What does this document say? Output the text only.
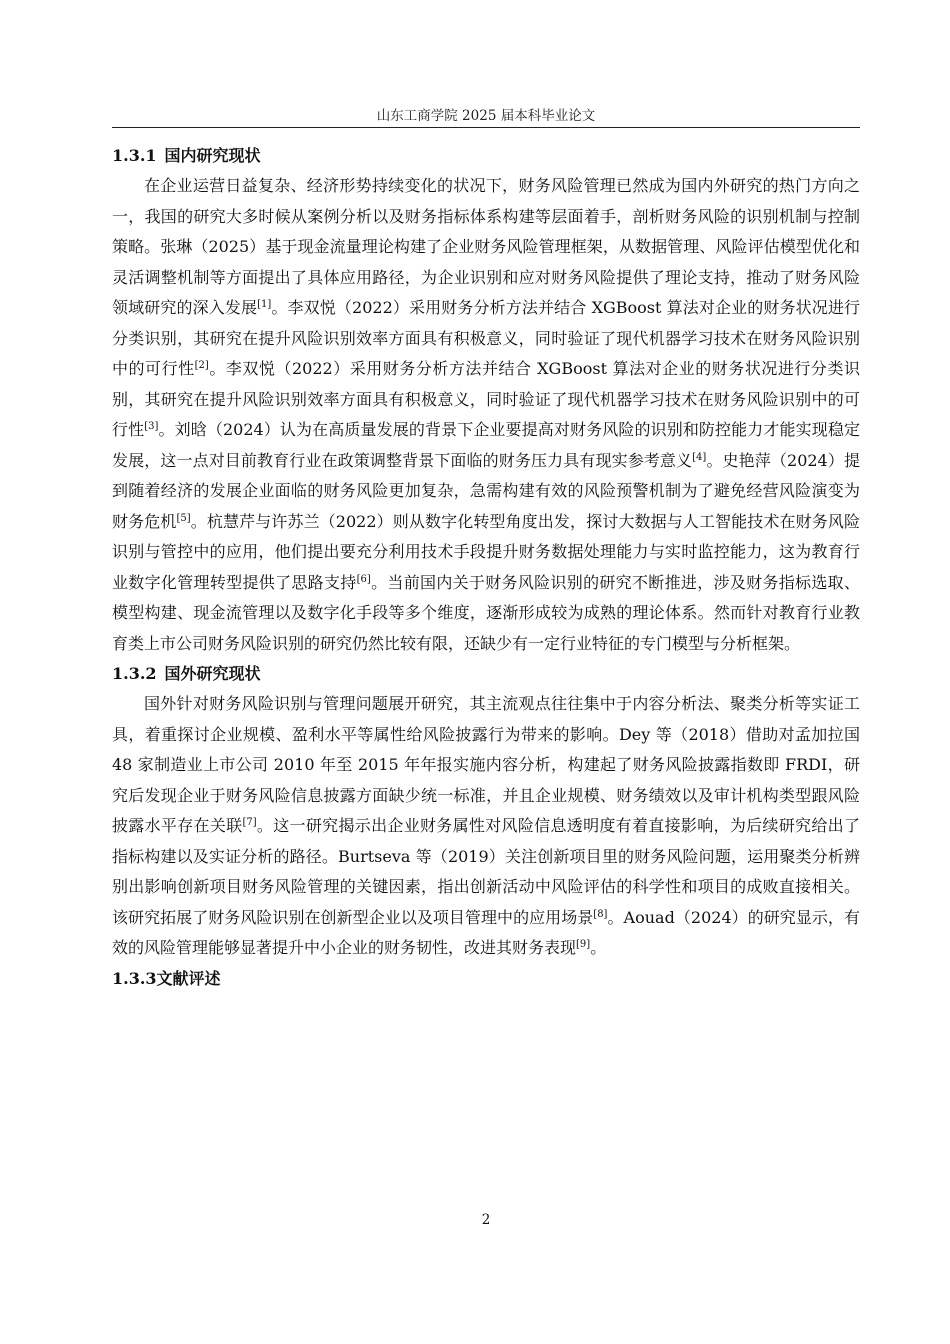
山东工商学院 2025 届本科毕业论文
1.3.1 国内研究现状

在企业运营日益复杂、经济形势持续变化的状况下，财务风险管理已然成为国内外研究的热门方向之一，我国的研究大多时候从案例分析以及财务指标体系构建等层面着手，剖析财务风险的识别机制与控制策略。张琳（2025）基于现金流量理论构建了企业财务风险管理框架，从数据管理、风险评估模型优化和灵活调整机制等方面提出了具体应用路径，为企业识别和应对财务风险提供了理论支持，推动了财务风险领域研究的深入发展[1]。李双悦（2022）采用财务分析方法并结合 XGBoost 算法对企业的财务状况进行分类识别，其研究在提升风险识别效率方面具有积极意义，同时验证了现代机器学习技术在财务风险识别中的可行性[2]。李双悦（2022）采用财务分析方法并结合 XGBoost 算法对企业的财务状况进行分类识别，其研究在提升风险识别效率方面具有积极意义，同时验证了现代机器学习技术在财务风险识别中的可行性[3]。刘晗（2024）认为在高质量发展的背景下企业要提高对财务风险的识别和防控能力才能实现稳定发展，这一点对目前教育行业在政策调整背景下面临的财务压力具有现实参考意义[4]。史艳萍（2024）提到随着经济的发展企业面临的财务风险更加复杂，急需构建有效的风险预警机制为了避免经营风险演变为财务危机[5]。杭慧芹与许苏兰（2022）则从数字化转型角度出发，探讨大数据与人工智能技术在财务风险识别与管控中的应用，他们提出要充分利用技术手段提升财务数据处理能力与实时监控能力，这为教育行业数字化管理转型提供了思路支持[6]。当前国内关于财务风险识别的研究不断推进，涉及财务指标选取、模型构建、现金流管理以及数字化手段等多个维度，逐渐形成较为成熟的理论体系。然而针对教育行业教育类上市公司财务风险识别的研究仍然比较有限，还缺少有一定行业特征的专门模型与分析框架。

1.3.2 国外研究现状

国外针对财务风险识别与管理问题展开研究，其主流观点往往集中于内容分析法、聚类分析等实证工具，着重探讨企业规模、盈利水平等属性给风险披露行为带来的影响。Dey 等（2018）借助对孟加拉国 48 家制造业上市公司 2010 年至 2015 年年报实施内容分析，构建起了财务风险披露指数即 FRDI，研究后发现企业于财务风险信息披露方面缺少统一标准，并且企业规模、财务绩效以及审计机构类型跟风险披露水平存在关联[7]。这一研究揭示出企业财务属性对风险信息透明度有着直接影响，为后续研究给出了指标构建以及实证分析的路径。Burtseva 等（2019）关注创新项目里的财务风险问题，运用聚类分析辨别出影响创新项目财务风险管理的关键因素，指出创新活动中风险评估的科学性和项目的成败直接相关。该研究拓展了财务风险识别在创新型企业以及项目管理中的应用场景[8]。Aouad（2024）的研究显示，有效的风险管理能够显著提升中小企业的财务韧性，改进其财务表现[9]。

1.3.3文献评述
2
